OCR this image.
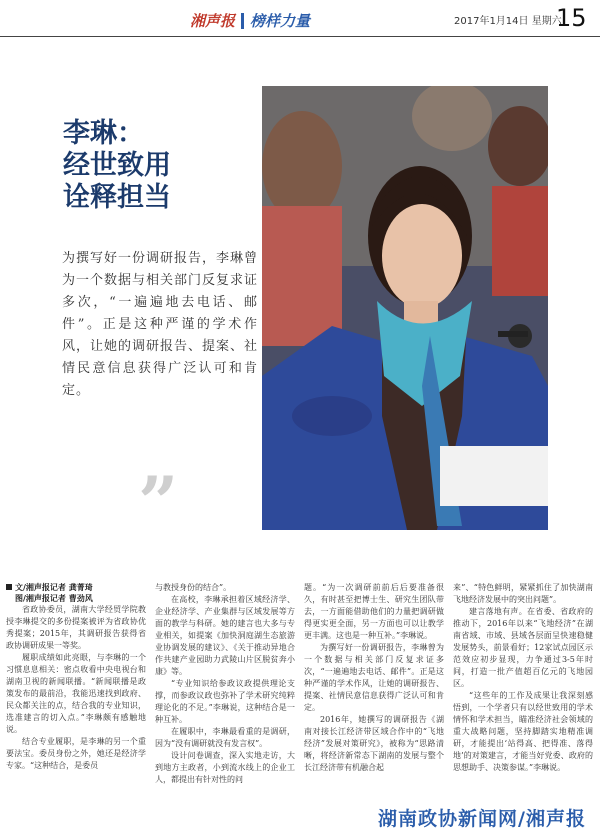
湘声报 榜样力量	2017年1月14日 星期六
15
李琳：
经世致用
诠释担当
为撰写好一份调研报告，李琳曾为一个数据与相关部门反复求证多次，“一遍遍地去电话、邮件”。正是这种严谨的学术作风，让她的调研报告、提案、社情民意信息获得广泛认可和肯定。
”
文/湘声报记者 龚菁琦
图/湘声报记者 曹劲风

省政协委员，湖南大学经贸学院教授李琳提交的多份提案被评为省政协优秀提案；2015年，其调研报告获得省政协调研成果一等奖。

履职成绩如此亮眼，与李琳的一个习惯息息相关：密点收看中央电视台和湖南卫视的新闻联播。“新闻联播是政策发布的最前沿，我能迅速找到政府、民众都关注的点，结合我的专业知识，选准建言的切入点。”李琳颇有感触地说。

结合专业履职，是李琳的另一个重要法宝。委员身份之外，她还是经济学专家。“这种结合，是委员

与教授身份的结合”。

在高校，李琳承担着区域经济学、企业经济学、产业集群与区域发展等方面的教学与科研。她的建言也大多与专业相关，如提案《加快洞庭湖生态旅游业协调发展的建议》、《关于推动异地合作共建产业园助力武陵山片区脱贫奔小康》等。

“专业知识给参政议政提供理论支撑，而参政议政也弥补了学术研究纯粹理论化的不足。”李琳说，这种结合是一种互补。

在履职中，李琳最看重的是调研，因为“没有调研就没有发言权”。

设计问卷调查，深入实地走访，大到地方主政者，小到流水线上的企业工人，都提出有针对性的问

题。“为一次调研前前后后要准备很久，有时甚至把博士生、研究生团队带去，一方面能借助他们的力量把调研做得更实更全面，另一方面也可以让教学更丰满。这也是一种互补。”李琳说。

为撰写好一份调研报告，李琳曾为一个数据与相关部门反复求证多次，“一遍遍地去电话、邮件”。正是这种严谨的学术作风，让她的调研报告、提案、社情民意信息获得广泛认可和肯定。

2016年，她撰写的调研报告《湖南对接长江经济带区域合作中的“飞地经济”发展对策研究》，被称为“思路清晰，将经济新常态下湖南的发展与整个长江经济带有机融合起

来”、“特色鲜明，紧紧抓住了加快湖南飞地经济发展中的突出问题”。

建言落地有声。在省委、省政府的推动下，2016年以来“飞地经济”在湖南省域、市域、县域各层面呈快速稳健发展势头，前景看好；12家试点园区示范效应初步显现，力争通过3-5年时间，打造一批产值超百亿元的飞地园区。

“这些年的工作及成果让我深刻感悟到，一个学者只有以经世致用的学术情怀和学术担当，瞄准经济社会领域的重大战略问题，坚持脚踏实地精准调研，才能提出‘站得高、把得准、落得地’的对策建言，才能当好党委、政府的思想助手、决策参谋。”李琳说。

湖南政协新闻网/湘声报
